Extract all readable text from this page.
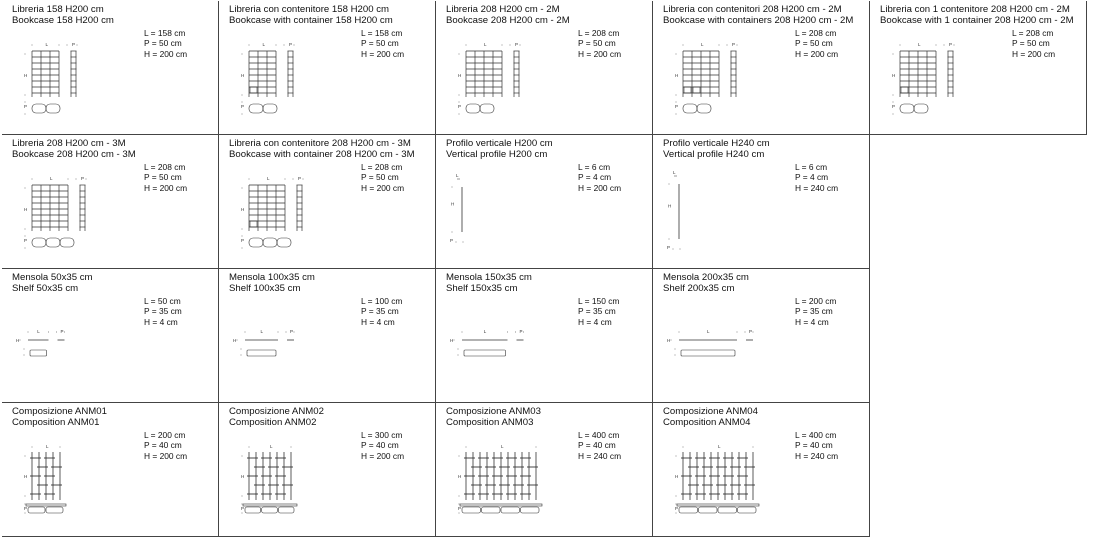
Libreria 158 H200 cm
Bookcase 158 H200 cm
L = 158 cm
P = 50 cm
H = 200 cm
L
H
P
P
Libreria con contenitore 158 H200 cm
Bookcase with container 158 H200 cm
L = 158 cm
P = 50 cm
H = 200 cm
L
H
P
P
Libreria 208 H200 cm - 2M
Bookcase 208 H200 cm - 2M
L = 208 cm
P = 50 cm
H = 200 cm
L
H
P
P
Libreria con contenitori 208 H200 cm - 2M
Bookcase with containers 208 H200 cm - 2M
L = 208 cm
P = 50 cm
H = 200 cm
L
H
P
P
Libreria con 1 contenitore 208 H200 cm - 2M
Bookcase with 1 container 208 H200 cm - 2M
L = 208 cm
P = 50 cm
H = 200 cm
L
H
P
P
Libreria 208 H200 cm - 3M
Bookcase 208 H200 cm - 3M
L = 208 cm
P = 50 cm
H = 200 cm
L
H
P
P
Libreria con contenitore 208 H200 cm - 3M
Bookcase with container 208 H200 cm - 3M
L = 208 cm
P = 50 cm
H = 200 cm
L
H
P
P
Profilo verticale H200 cm
Vertical profile H200 cm
L = 6 cm
P = 4 cm
H = 200 cm
L
H
P
Profilo verticale H240 cm
Vertical profile H240 cm
L = 6 cm
P = 4 cm
H = 240 cm
L
H
P
Mensola 50x35 cm
Shelf 50x35 cm
L = 50 cm
P = 35 cm
H = 4 cm
L	P
H
Mensola 100x35 cm
Shelf 100x35 cm
L = 100 cm
P = 35 cm
H = 4 cm
L	P
H
Mensola 150x35 cm
Shelf 150x35 cm
L = 150 cm
P = 35 cm
H = 4 cm
L	P
H
Mensola 200x35 cm
Shelf 200x35 cm
L = 200 cm
P = 35 cm
H = 4 cm
L	P
H
Composizione ANM01
Composition ANM01
L = 200 cm
P = 40 cm
H = 200 cm
L
H
P
Composizione ANM02
Composition ANM02
L = 300 cm
P = 40 cm
H = 200 cm
L
H
P
Composizione ANM03
Composition ANM03
L = 400 cm
P = 40 cm
H = 240 cm
L
H
P
Composizione ANM04
Composition ANM04
L = 400 cm
P = 40 cm
H = 240 cm
L
H
P
